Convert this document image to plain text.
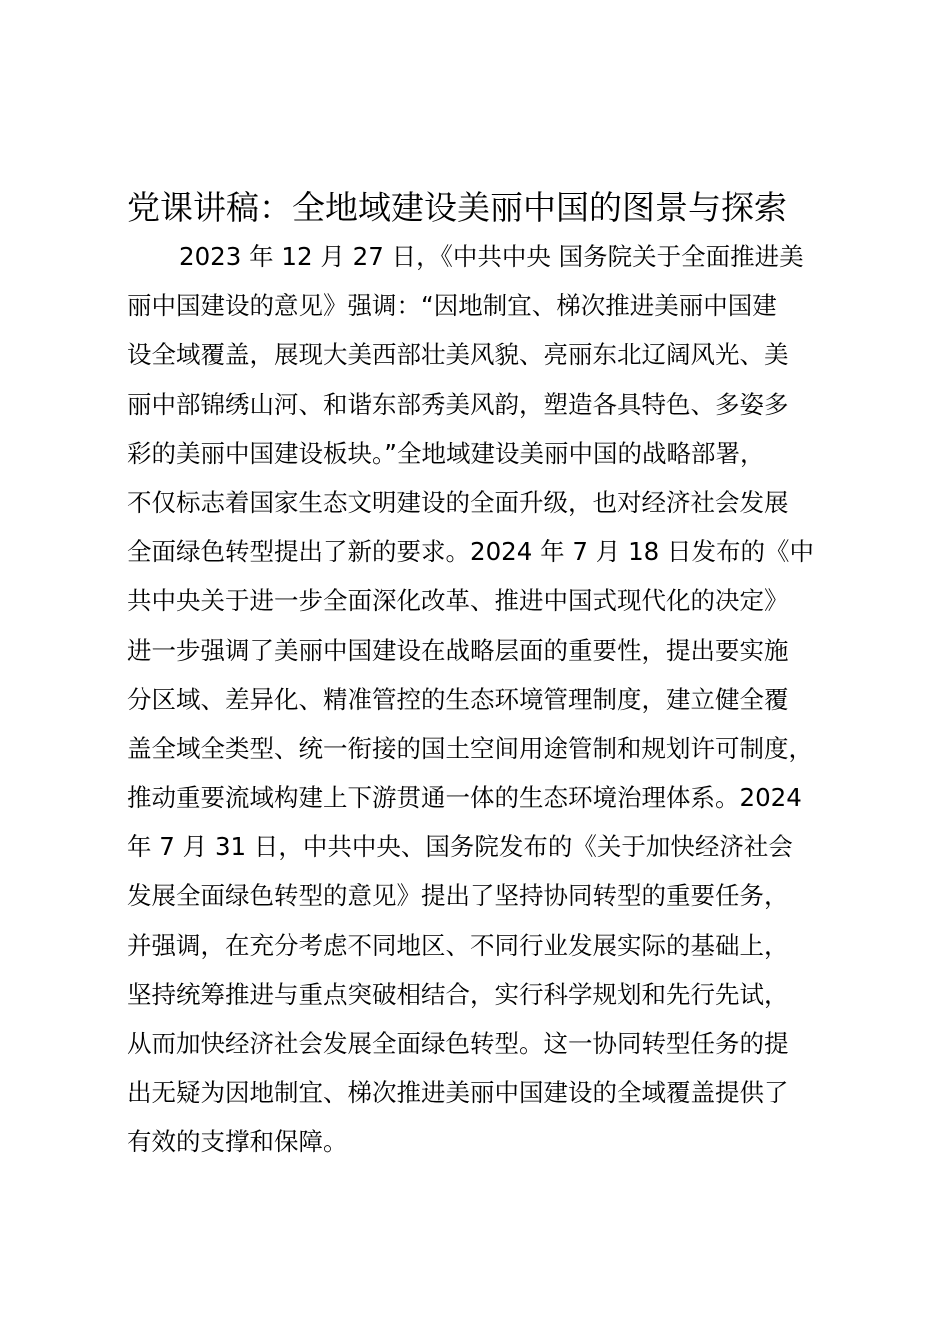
党课讲稿：全地域建设美丽中国的图景与探索
2023 年 12 月 27 日，《中共中央 国务院关于全面推进美
丽中国建设的意见》强调：“因地制宜、梯次推进美丽中国建
设全域覆盖，展现大美西部壮美风貌、亮丽东北辽阔风光、美
丽中部锦绣山河、和谐东部秀美风韵，塑造各具特色、多姿多
彩的美丽中国建设板块。”全地域建设美丽中国的战略部署，
不仅标志着国家生态文明建设的全面升级，也对经济社会发展
全面绿色转型提出了新的要求。2024 年 7 月 18 日发布的《中
共中央关于进一步全面深化改革、推进中国式现代化的决定》
进一步强调了美丽中国建设在战略层面的重要性，提出要实施
分区域、差异化、精准管控的生态环境管理制度，建立健全覆
盖全域全类型、统一衔接的国土空间用途管制和规划许可制度，
推动重要流域构建上下游贯通一体的生态环境治理体系。2024
年 7 月 31 日，中共中央、国务院发布的《关于加快经济社会
发展全面绿色转型的意见》提出了坚持协同转型的重要任务，
并强调，在充分考虑不同地区、不同行业发展实际的基础上，
坚持统筹推进与重点突破相结合，实行科学规划和先行先试，
从而加快经济社会发展全面绿色转型。这一协同转型任务的提
出无疑为因地制宜、梯次推进美丽中国建设的全域覆盖提供了
有效的支撑和保障。
